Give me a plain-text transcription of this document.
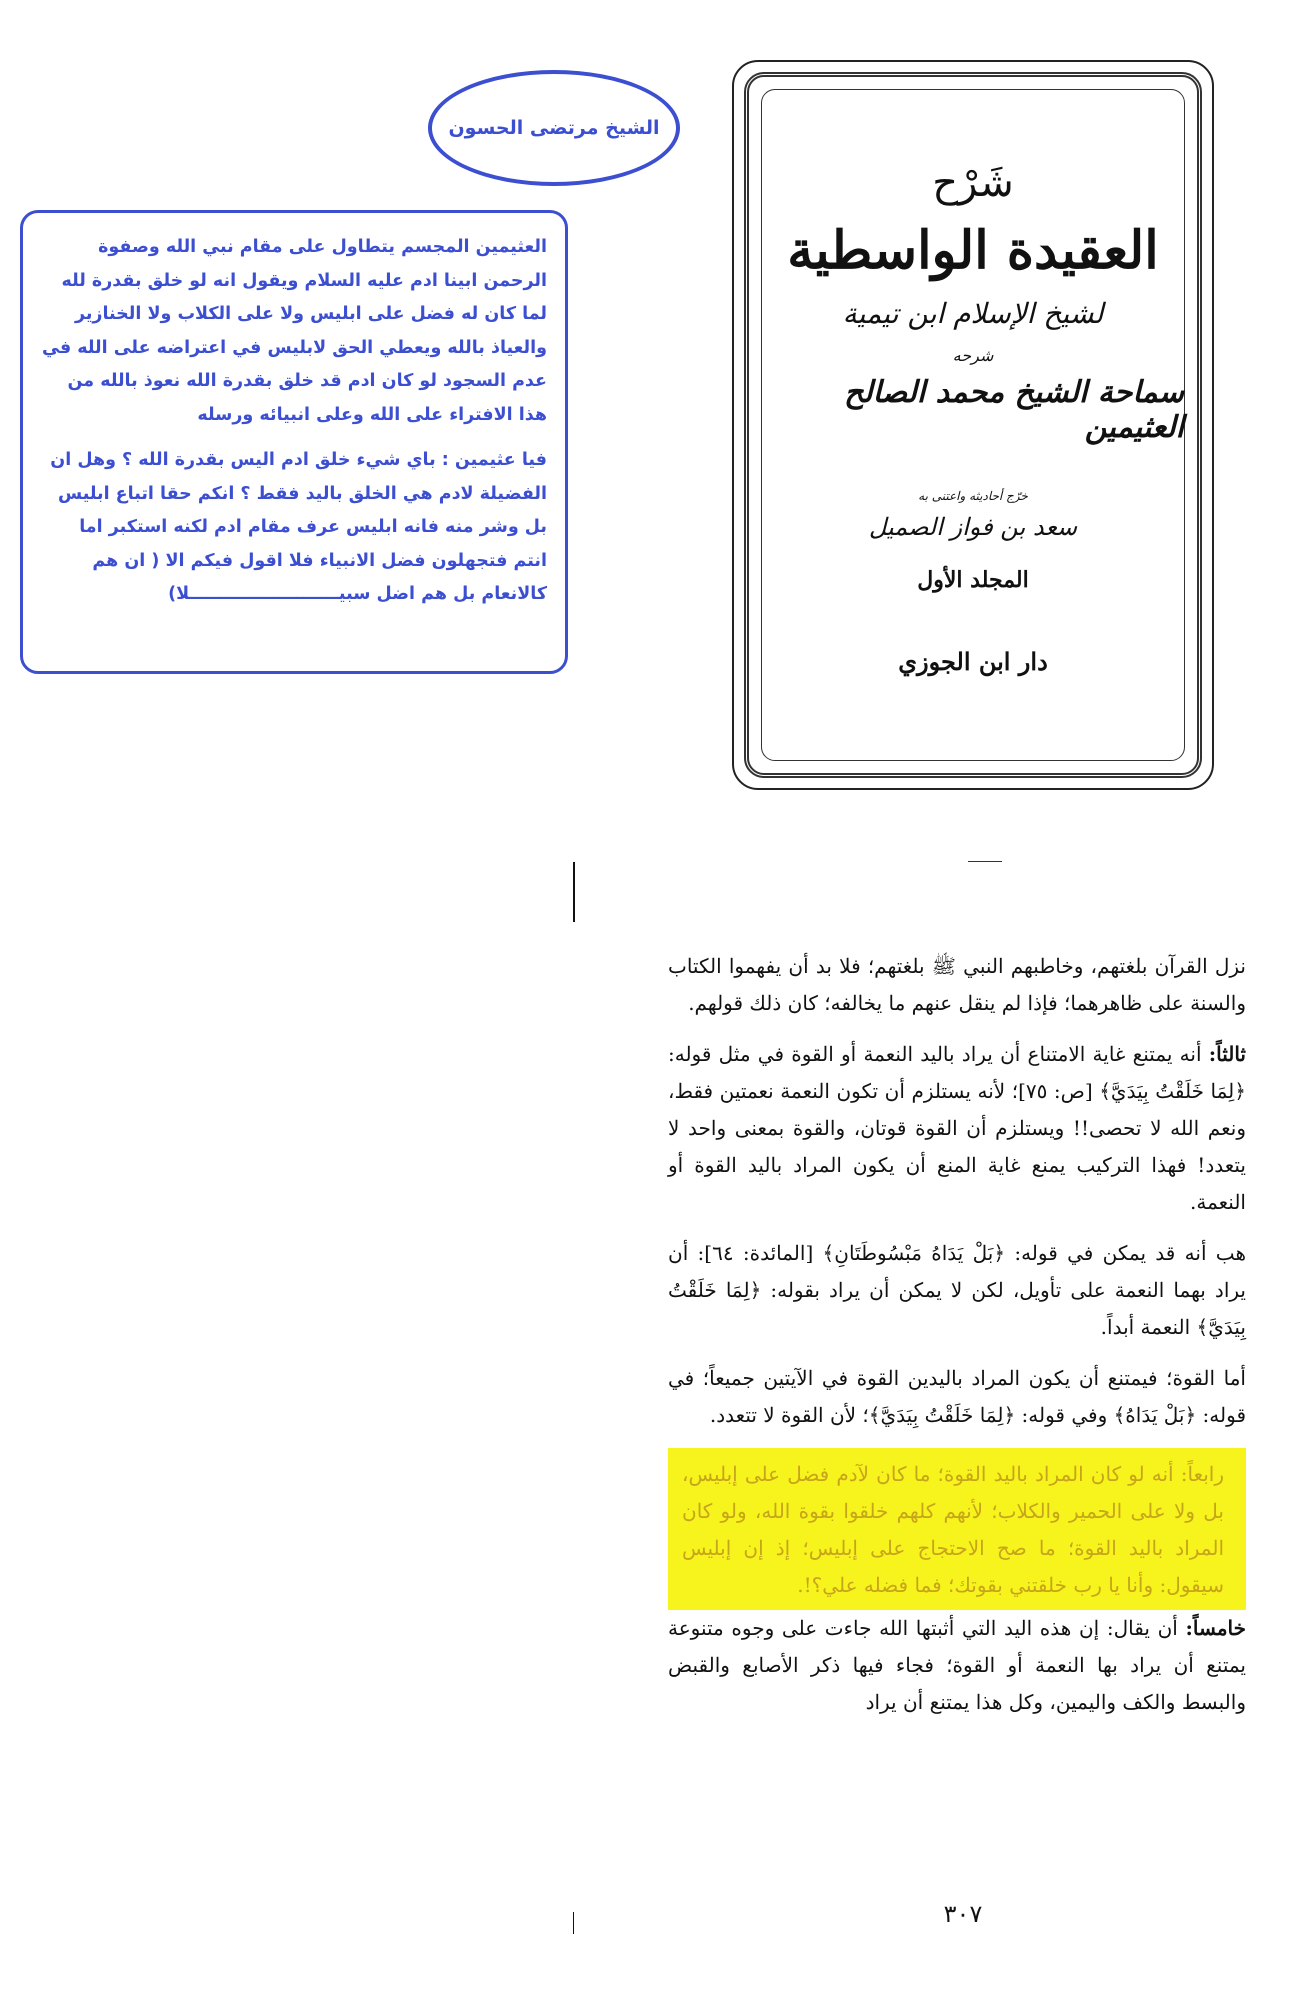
الشيخ مرتضى الحسون

العثيمين المجسم يتطاول على مقام نبي الله وصفوة الرحمن ابينا ادم عليه السلام ويقول انه لو خلق بقدرة لله لما كان له فضل على ابليس ولا على الكلاب ولا الخنازير والعياذ بالله ويعطي الحق لابليس في اعتراضه على الله في عدم السجود لو كان ادم قد خلق بقدرة الله نعوذ بالله من هذا الافتراء على الله وعلى انبيائه ورسله

فيا عثيمين : باي شيء خلق ادم اليس بقدرة الله ؟ وهل ان الفضيلة لادم هي الخلق باليد فقط ؟ انكم حقا اتباع ابليس بل وشر منه فانه ابليس عرف مقام ادم لكنه استكبر اما انتم فتجهلون فضل الانبياء فلا اقول فيكم الا ( ان هم كالانعام بل هم اضل سبيـــــــــــــــــــــــــلا)

شَرْح
العقيدة الواسطية
لشيخ الإسلام ابن تيمية
شرحه
سماحة الشيخ محمد الصالح العثيمين
خرّج أحاديثه واعتنى به
سعد بن فواز الصميل
المجلد الأول
دار ابن الجوزي

نزل القرآن بلغتهم، وخاطبهم النبي ﷺ بلغتهم؛ فلا بد أن يفهموا الكتاب والسنة على ظاهرهما؛ فإذا لم ينقل عنهم ما يخالفه؛ كان ذلك قولهم.

ثالثاً: أنه يمتنع غاية الامتناع أن يراد باليد النعمة أو القوة في مثل قوله: ﴿لِمَا خَلَقْتُ بِيَدَيَّ﴾ [ص: ٧٥]؛ لأنه يستلزم أن تكون النعمة نعمتين فقط، ونعم الله لا تحصى!! ويستلزم أن القوة قوتان، والقوة بمعنى واحد لا يتعدد! فهذا التركيب يمنع غاية المنع أن يكون المراد باليد القوة أو النعمة.

هب أنه قد يمكن في قوله: ﴿بَلْ يَدَاهُ مَبْسُوطَتَانِ﴾ [المائدة: ٦٤]: أن يراد بهما النعمة على تأويل، لكن لا يمكن أن يراد بقوله: ﴿لِمَا خَلَقْتُ بِيَدَيَّ﴾ النعمة أبداً.

أما القوة؛ فيمتنع أن يكون المراد باليدين القوة في الآيتين جميعاً؛ في قوله: ﴿بَلْ يَدَاهُ﴾ وفي قوله: ﴿لِمَا خَلَقْتُ بِيَدَيَّ﴾؛ لأن القوة لا تتعدد.

رابعاً: أنه لو كان المراد باليد القوة؛ ما كان لآدم فضل على إبليس، بل ولا على الحمير والكلاب؛ لأنهم كلهم خلقوا بقوة الله، ولو كان المراد باليد القوة؛ ما صح الاحتجاج على إبليس؛ إذ إن إبليس سيقول: وأنا يا رب خلقتني بقوتك؛ فما فضله علي؟!.

خامساً: أن يقال: إن هذه اليد التي أثبتها الله جاءت على وجوه متنوعة يمتنع أن يراد بها النعمة أو القوة؛ فجاء فيها ذكر الأصابع والقبض والبسط والكف واليمين، وكل هذا يمتنع أن يراد

٣٠٧
